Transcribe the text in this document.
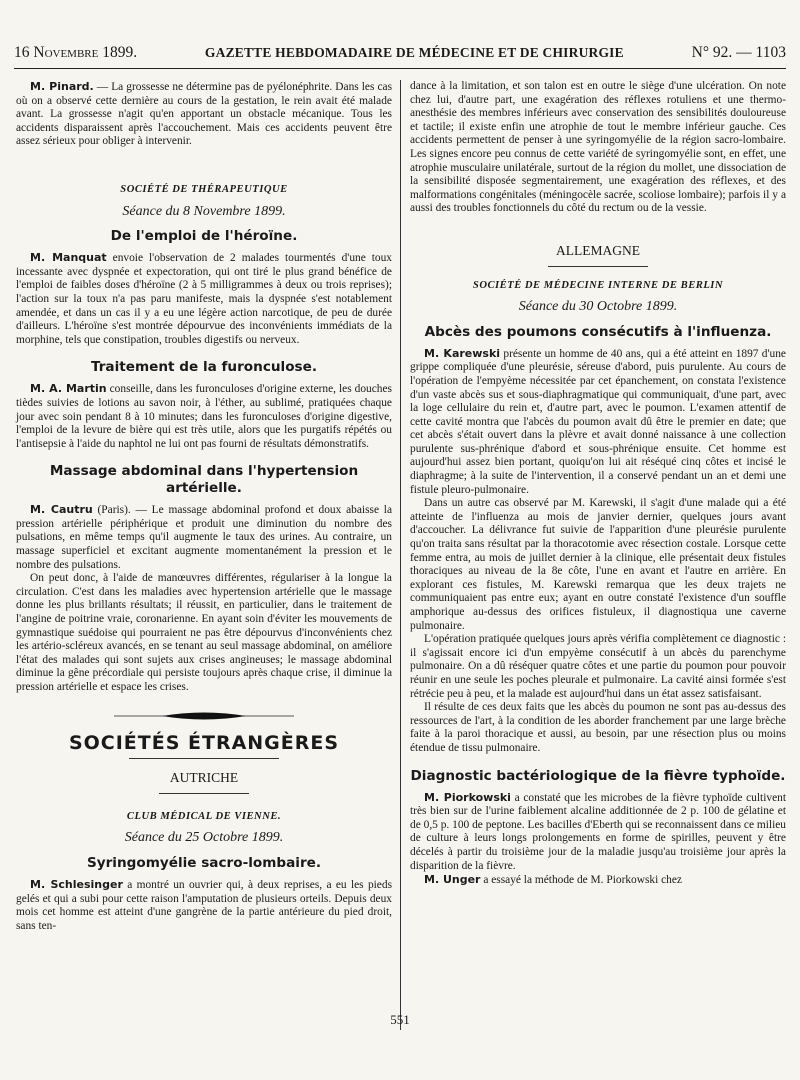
16 Novembre 1899.	GAZETTE HEBDOMADAIRE DE MÉDECINE ET DE CHIRURGIE	N° 92. — 1103

M. Pinard. — La grossesse ne détermine pas de pyélonéphrite. Dans les cas où on a observé cette dernière au cours de la gestation, le rein avait été malade avant. La grossesse n'agit qu'en apportant un obstacle mécanique. Tous les accidents disparaissent après l'accouchement. Mais ces accidents peuvent être assez sérieux pour obliger à intervenir.

SOCIÉTÉ DE THÉRAPEUTIQUE
Séance du 8 Novembre 1899.
De l'emploi de l'héroïne.

M. Manquat envoie l'observation de 2 malades tourmentés d'une toux incessante avec dyspnée et expectoration, qui ont tiré le plus grand bénéfice de l'emploi de faibles doses d'héroïne (2 à 5 milligrammes à deux ou trois reprises); l'action sur la toux n'a pas paru manifeste, mais la dyspnée s'est notablement amendée, et dans un cas il y a eu une légère action narcotique, de peu de durée d'ailleurs. L'héroïne s'est montrée dépourvue des inconvénients immédiats de la morphine, tels que constipation, troubles digestifs ou nerveux.

Traitement de la furonculose.

M. A. Martin conseille, dans les furonculoses d'origine externe, les douches tièdes suivies de lotions au savon noir, à l'éther, au sublimé, pratiquées chaque jour avec soin pendant 8 à 10 minutes; dans les furonculoses d'origine digestive, l'emploi de la levure de bière qui est très utile, alors que les purgatifs répétés ou l'antisepsie à l'aide du naphtol ne lui ont pas fourni de résultats démonstratifs.

Massage abdominal dans l'hypertension artérielle.

M. Cautru (Paris). — Le massage abdominal profond et doux abaisse la pression artérielle périphérique et produit une diminution du nombre des pulsations, en même temps qu'il augmente le taux des urines. Au contraire, un massage superficiel et excitant augmente momentanément la pression et le nombre des pulsations.

On peut donc, à l'aide de manœuvres différentes, régulariser à la longue la circulation. C'est dans les maladies avec hypertension artérielle que le massage donne les plus brillants résultats; il réussit, en particulier, dans le traitement de l'angine de poitrine vraie, coronarienne. En ayant soin d'éviter les mouvements de gymnastique suédoise qui pourraient ne pas être dépourvus d'inconvénients chez les artério-scléreux avancés, en se tenant au seul massage abdominal, on améliore l'état des malades qui sont sujets aux crises angineuses; le massage abdominal diminue la gêne précordiale qui persiste toujours après chaque crise, il diminue la pression artérielle et espace les crises.

SOCIÉTÉS ÉTRANGÈRES
AUTRICHE
CLUB MÉDICAL DE VIENNE.
Séance du 25 Octobre 1899.
Syringomyélie sacro-lombaire.

M. Schlesinger a montré un ouvrier qui, à deux reprises, a eu les pieds gelés et qui a subi pour cette raison l'amputation de plusieurs orteils. Depuis deux mois cet homme est atteint d'une gangrène de la partie antérieure du pied droit, sans ten-

dance à la limitation, et son talon est en outre le siège d'une ulcération. On note chez lui, d'autre part, une exagération des réflexes rotuliens et une thermo-anesthésie des membres inférieurs avec conservation des sensibilités douloureuse et tactile; il existe enfin une atrophie de tout le membre inférieur gauche. Ces accidents permettent de penser à une syringomyélie de la région sacro-lombaire. Les signes encore peu connus de cette variété de syringomyélie sont, en effet, une atrophie musculaire unilatérale, surtout de la région du mollet, une dissociation de la sensibilité disposée segmentairement, une exagération des réflexes, et des malformations congénitales (méningocèle sacrée, scoliose lombaire); parfois il y a aussi des troubles fonctionnels du côté du rectum ou de la vessie.

ALLEMAGNE
SOCIÉTÉ DE MÉDECINE INTERNE DE BERLIN
Séance du 30 Octobre 1899.
Abcès des poumons consécutifs à l'influenza.

M. Karewski présente un homme de 40 ans, qui a été atteint en 1897 d'une grippe compliquée d'une pleurésie, séreuse d'abord, puis purulente. Au cours de l'opération de l'empyème nécessitée par cet épanchement, on constata l'existence d'un vaste abcès sus et sous-diaphragmatique qui communiquait, d'une part, avec la loge cellulaire du rein et, d'autre part, avec le poumon. L'examen attentif de cette cavité montra que l'abcès du poumon avait dû être le premier en date; que cet abcès s'était ouvert dans la plèvre et avait donné naissance à une collection purulente sus-phrénique d'abord et sous-phrénique ensuite. Cet homme est aujourd'hui assez bien portant, quoiqu'on lui ait réséqué cinq côtes et incisé le diaphragme; à la suite de l'intervention, il a conservé pendant un an et demi une fistule pleuro-pulmonaire.

Dans un autre cas observé par M. Karewski, il s'agit d'une malade qui a été atteinte de l'influenza au mois de janvier dernier, quelques jours avant d'accoucher. La délivrance fut suivie de l'apparition d'une pleurésie purulente qu'on traita sans résultat par la thoracotomie avec résection costale. Lorsque cette femme entra, au mois de juillet dernier à la clinique, elle présentait deux fistules thoraciques au niveau de la 8e côte, l'une en avant et l'autre en arrière. En explorant ces fistules, M. Karewski remarqua que les deux trajets ne communiquaient pas entre eux; ayant en outre constaté l'existence d'un souffle amphorique au-dessus des orifices fistuleux, il diagnostiqua une caverne pulmonaire.

L'opération pratiquée quelques jours après vérifia complètement ce diagnostic : il s'agissait encore ici d'un empyème consécutif à un abcès du parenchyme pulmonaire. On a dû réséquer quatre côtes et une partie du poumon pour pouvoir réunir en une seule les poches pleurale et pulmonaire. La cavité ainsi formée s'est rétrécie peu à peu, et la malade est aujourd'hui dans un état assez satisfaisant.

Il résulte de ces deux faits que les abcès du poumon ne sont pas au-dessus des ressources de l'art, à la condition de les aborder franchement par une large brèche faite à la paroi thoracique et aussi, au besoin, par une résection plus ou moins étendue de tissu pulmonaire.

Diagnostic bactériologique de la fièvre typhoïde.

M. Piorkowski a constaté que les microbes de la fièvre typhoïde cultivent très bien sur de l'urine faiblement alcaline additionnée de 2 p. 100 de gélatine et de 0,5 p. 100 de peptone. Les bacilles d'Eberth qui se reconnaissent dans ce milieu de culture à leurs longs prolongements en forme de spirilles, peuvent y être décelés à partir du troisième jour de la maladie jusqu'au troisième jour après la disparition de la fièvre.

M. Unger a essayé la méthode de M. Piorkowski chez

551
